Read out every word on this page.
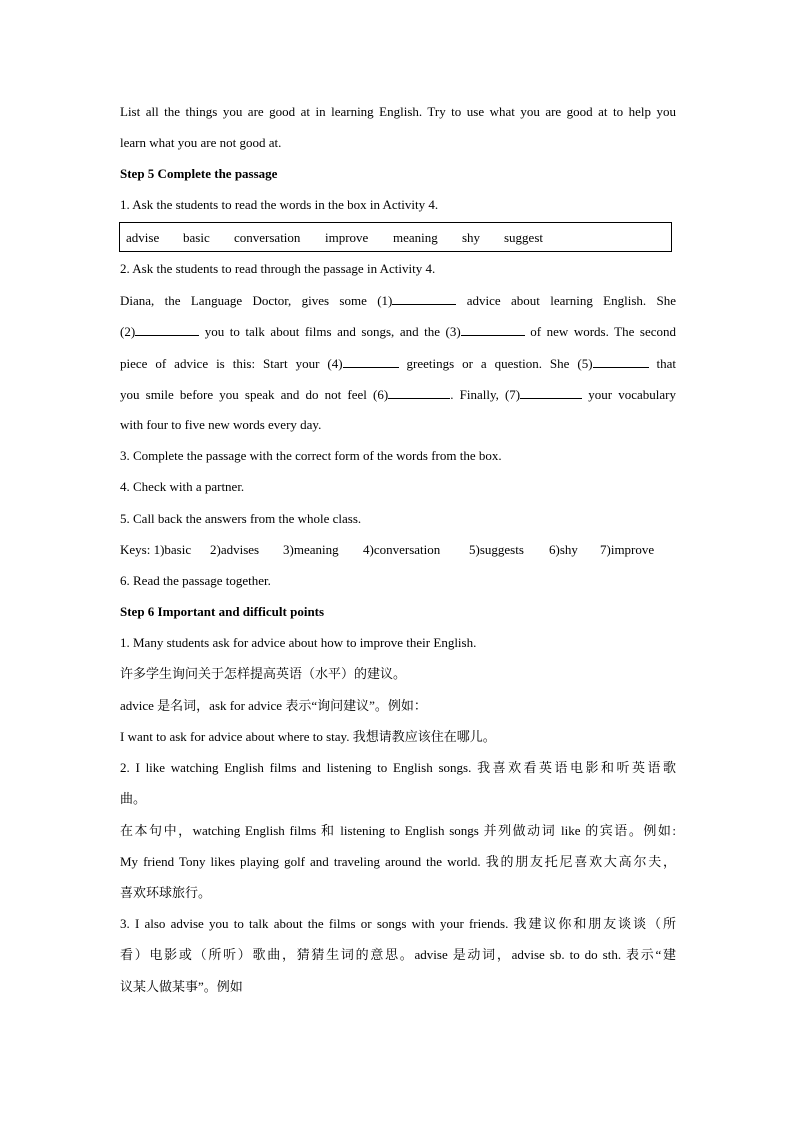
List all the things you are good at in learning English. Try to use what you are good at to help you
learn what you are not good at.
Step 5 Complete the passage
1. Ask the students to read the words in the box in Activity 4.
advise basic conversation improve meaning shy suggest
2. Ask the students to read through the passage in Activity 4.
Diana, the Language Doctor, gives some (1)	advice about learning English. She
(2)	you to talk about films and songs, and the (3)	of new words. The second
piece of advice is this: Start your (4)	greetings or a question. She (5)	that
you smile before you speak and do not feel (6)	. Finally, (7)	your vocabulary
with four to five new words every day.
3. Complete the passage with the correct form of the words from the box.
4. Check with a partner.
5. Call back the answers from the whole class.
Keys: 1)basic 2)advises 3)meaning 4)conversation 5)suggests 6)shy 7)improve
6. Read the passage together.
Step 6 Important and difficult points
1. Many students ask for advice about how to improve their English.
许多学生询问关于怎样提高英语（水平）的建议。
advice 是名词，ask for advice 表示“询问建议”。例如：
I want to ask for advice about where to stay. 我想请教应该住在哪儿。
2. I like watching English films and listening to English songs. 我喜欢看英语电影和听英语歌
曲。
在本句中，watching English films 和 listening to English songs 并列做动词 like 的宾语。例如:
My friend Tony likes playing golf and traveling around the world. 我的朋友托尼喜欢大高尔夫，
喜欢环球旅行。
3. I also advise you to talk about the films or songs with your friends. 我建议你和朋友谈谈（所
看）电影或（所听）歌曲，猜猜生词的意思。advise 是动词，advise sb. to do sth. 表示“建
议某人做某事”。例如
